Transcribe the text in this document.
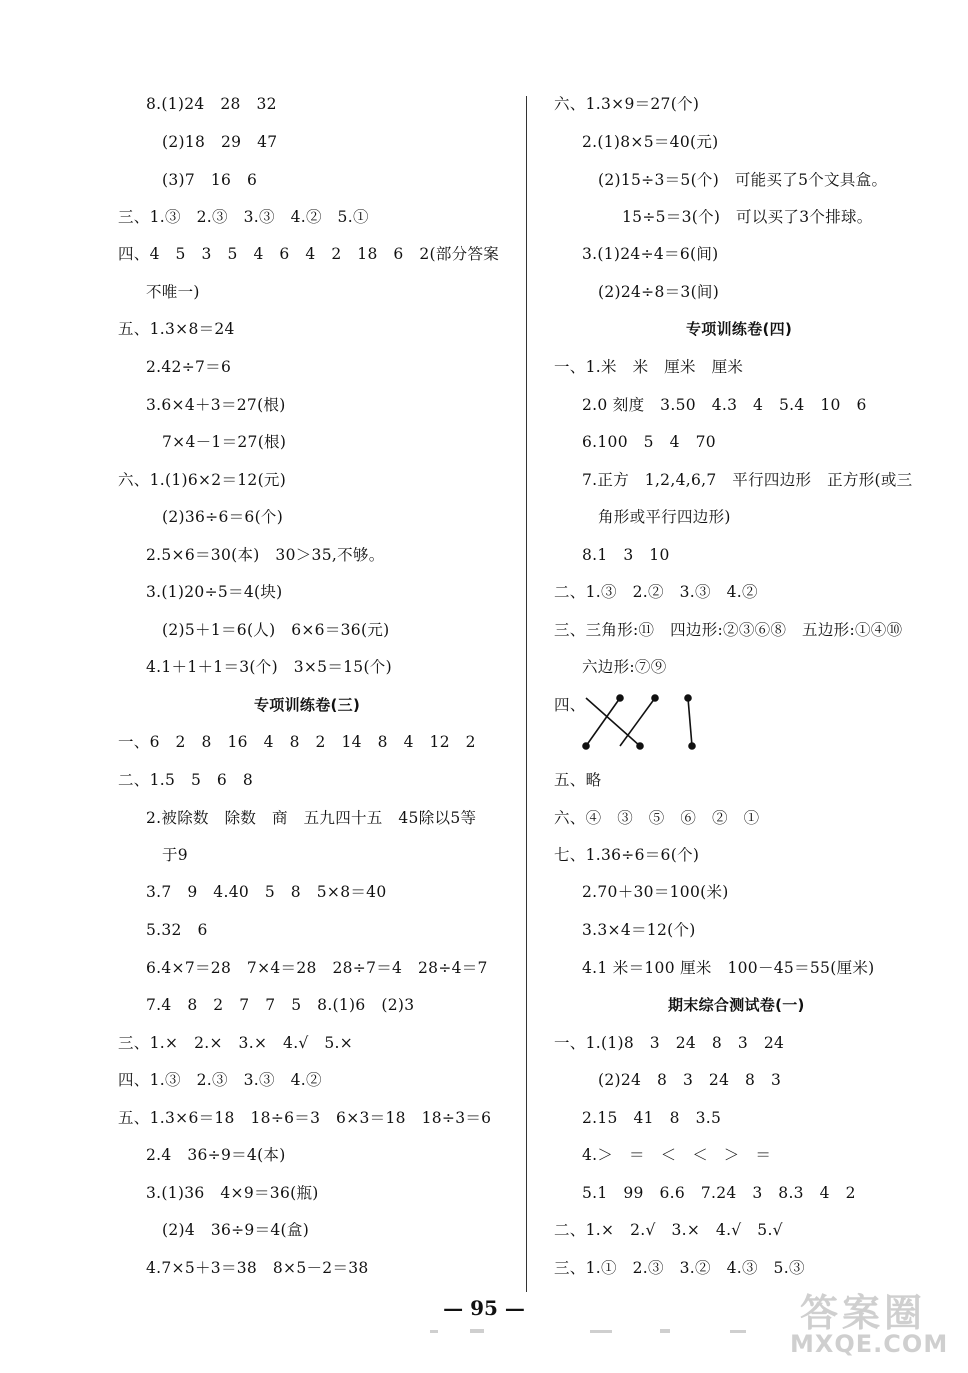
— 95 —	答案圈
MXQE.COM
8.(1)24　28　32
(2)18　29　47
(3)7　16　6
三、1.③　2.③　3.③　4.②　5.①
四、4　5　3　5　4　6　4　2　18　6　2(部分答案
不唯一)
五、1.3×8＝24
2.42÷7＝6
3.6×4＋3＝27(根)
7×4－1＝27(根)
六、1.(1)6×2＝12(元)
(2)36÷6＝6(个)
2.5×6＝30(本)　30＞35,不够。
3.(1)20÷5＝4(块)
(2)5＋1＝6(人)　6×6＝36(元)
4.1＋1＋1＝3(个)　3×5＝15(个)
专项训练卷(三)
一、6　2　8　16　4　8　2　14　8　4　12　2
二、1.5　5　6　8
2.被除数　除数　商　五九四十五　45除以5等
于9
3.7　9　4.40　5　8　5×8＝40
5.32　6
6.4×7＝28　7×4＝28　28÷7＝4　28÷4＝7
7.4　8　2　7　7　5　8.(1)6　(2)3
三、1.×　2.×　3.×　4.√　5.×
四、1.③　2.③　3.③　4.②
五、1.3×6＝18　18÷6＝3　6×3＝18　18÷3＝6
2.4　36÷9＝4(本)
3.(1)36　4×9＝36(瓶)
(2)4　36÷9＝4(盒)
4.7×5＋3＝38　8×5－2＝38
六、1.3×9＝27(个)
2.(1)8×5＝40(元)
(2)15÷3＝5(个)　可能买了5个文具盒。
15÷5＝3(个)　可以买了3个排球。
3.(1)24÷4＝6(间)
(2)24÷8＝3(间)
专项训练卷(四)
一、1.米　米　厘米　厘米
2.0 刻度　3.50　4.3　4　5.4　10　6
6.100　5　4　70
7.正方　1,2,4,6,7　平行四边形　正方形(或三
角形或平行四边形)
8.1　3　10
二、1.③　2.②　3.③　4.②
三、三角形:⑪　四边形:②③⑥⑧　五边形:①④⑩
六边形:⑦⑨
四、
五、略
六、④　③　⑤　⑥　②　①
七、1.36÷6＝6(个)
2.70＋30＝100(米)
3.3×4＝12(个)
4.1 米＝100 厘米　100－45＝55(厘米)
期末综合测试卷(一)
一、1.(1)8　3　24　8　3　24
(2)24　8　3　24　8　3
2.15　41　8　3.5
4.＞　＝　＜　＜　＞　＝
5.1　99　6.6　7.24　3　8.3　4　2
二、1.×　2.√　3.×　4.√　5.√
三、1.①　2.③　3.②　4.③　5.③
